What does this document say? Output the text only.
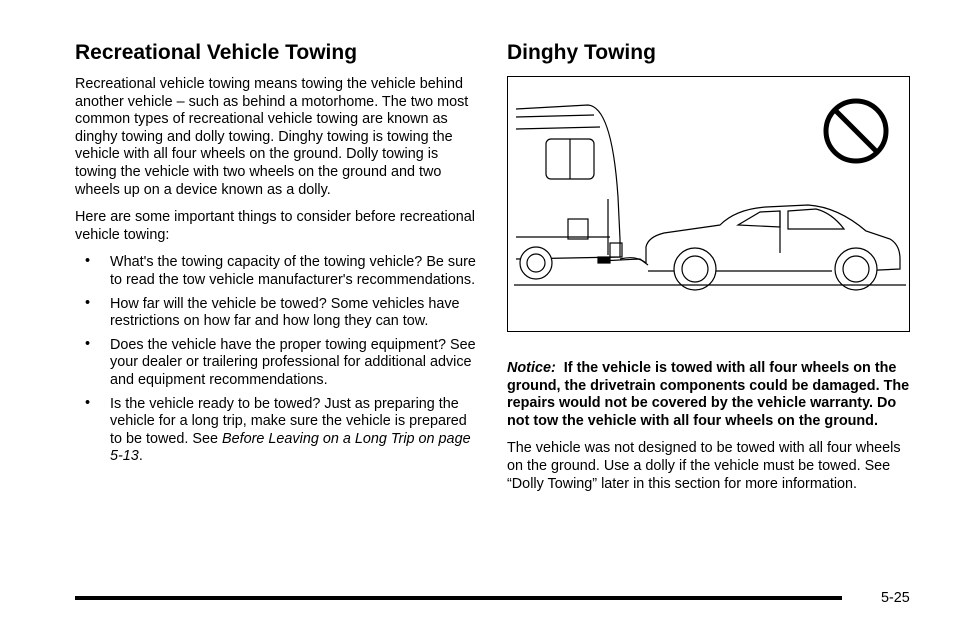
Recreational Vehicle Towing

Recreational vehicle towing means towing the vehicle behind another vehicle – such as behind a motorhome. The two most common types of recreational vehicle towing are known as dinghy towing and dolly towing. Dinghy towing is towing the vehicle with all four wheels on the ground. Dolly towing is towing the vehicle with two wheels on the ground and two wheels up on a device known as a dolly.

Here are some important things to consider before recreational vehicle towing:

• What's the towing capacity of the towing vehicle? Be sure to read the tow vehicle manufacturer's recommendations.
• How far will the vehicle be towed? Some vehicles have restrictions on how far and how long they can tow.
• Does the vehicle have the proper towing equipment? See your dealer or trailering professional for additional advice and equipment recommendations.
• Is the vehicle ready to be towed? Just as preparing the vehicle for a long trip, make sure the vehicle is prepared to be towed. See Before Leaving on a Long Trip on page 5-13.
Dinghy Towing

Notice: If the vehicle is towed with all four wheels on the ground, the drivetrain components could be damaged. The repairs would not be covered by the vehicle warranty. Do not tow the vehicle with all four wheels on the ground.

The vehicle was not designed to be towed with all four wheels on the ground. Use a dolly if the vehicle must be towed. See “Dolly Towing” later in this section for more information.

5-25
